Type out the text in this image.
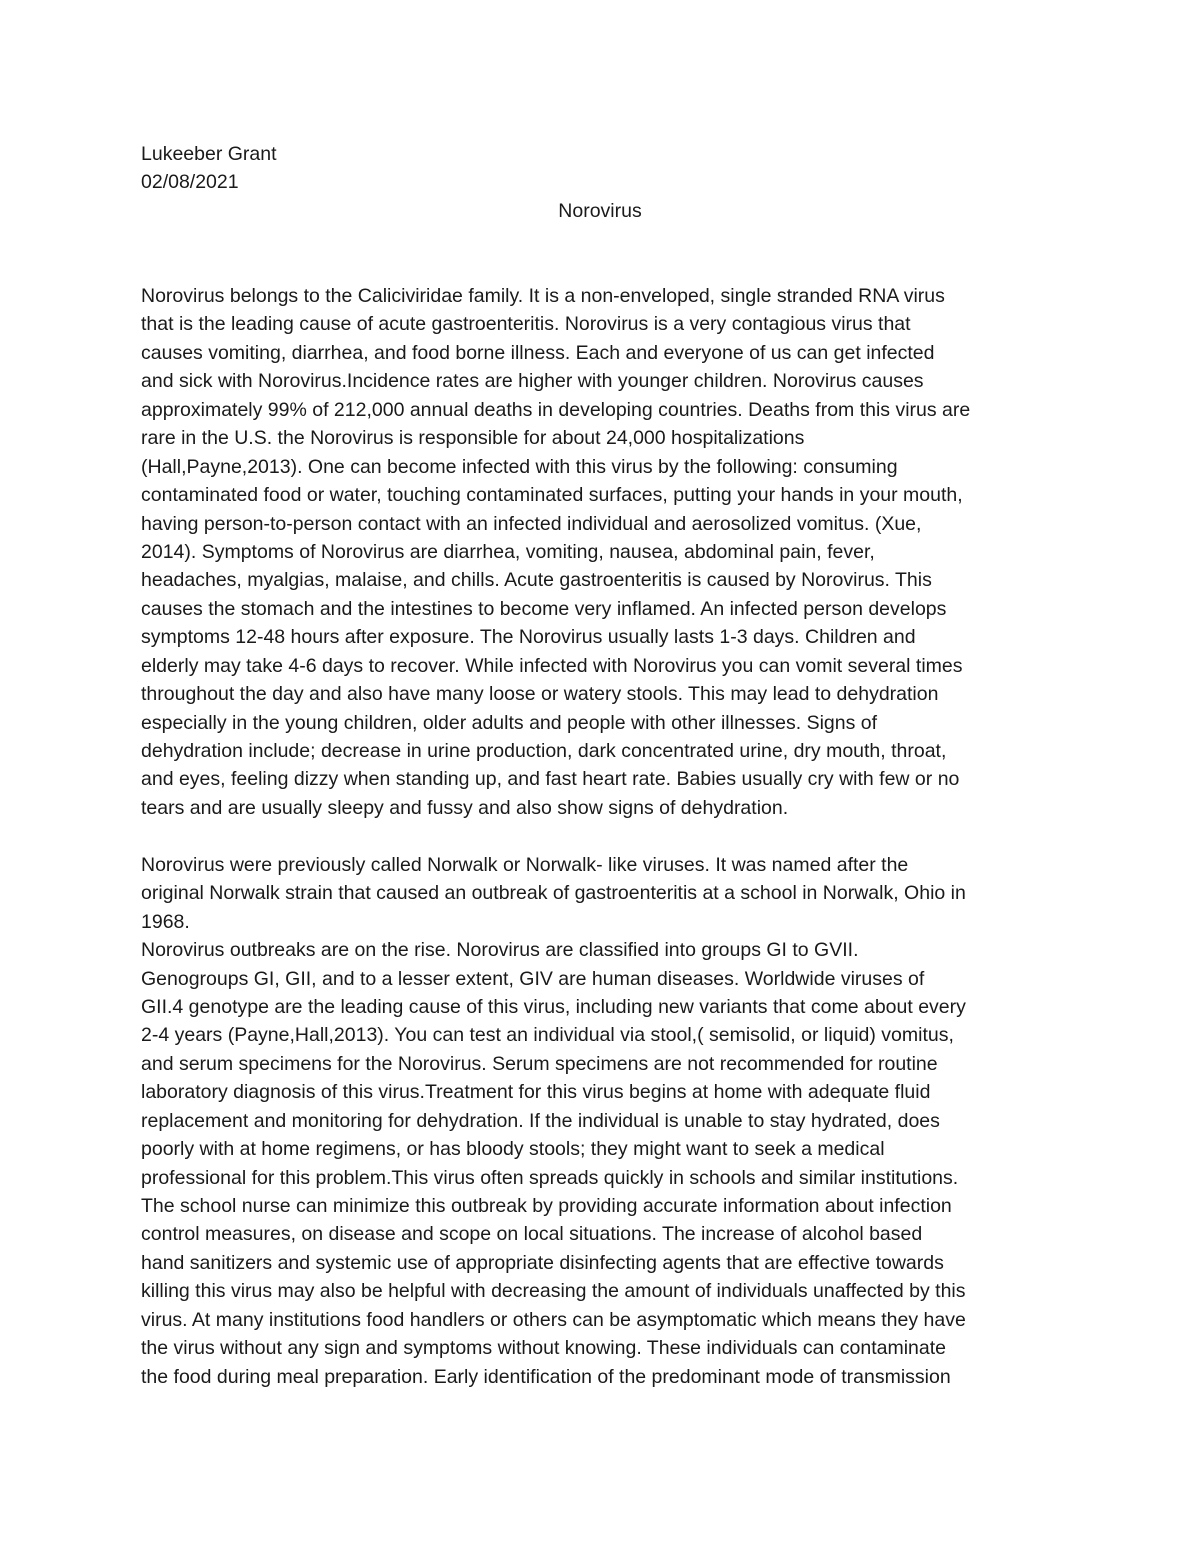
Lukeeber Grant

02/08/2021

Norovirus

Norovirus belongs to the Caliciviridae family. It is a non-enveloped, single stranded RNA virus
that is the leading cause of acute gastroenteritis. Norovirus is a very contagious virus that
causes vomiting, diarrhea, and food borne illness. Each and everyone of us can get infected
and sick with Norovirus.Incidence rates are higher with younger children. Norovirus causes
approximately 99% of 212,000 annual deaths in developing countries. Deaths from this virus are
rare in the U.S. the Norovirus is responsible for about 24,000 hospitalizations
(Hall,Payne,2013). One can become infected with this virus by the following: consuming
contaminated food or water, touching contaminated surfaces, putting your hands in your mouth,
having person-to-person contact with an infected individual and aerosolized vomitus. (Xue,
2014). Symptoms of Norovirus are diarrhea, vomiting, nausea, abdominal pain, fever,
headaches, myalgias, malaise, and chills. Acute gastroenteritis is caused by Norovirus. This
causes the stomach and the intestines to become very inflamed. An infected person develops
symptoms 12-48 hours after exposure. The Norovirus usually lasts 1-3 days. Children and
elderly may take 4-6 days to recover. While infected with Norovirus you can vomit several times
throughout the day and also have many loose or watery stools. This may lead to dehydration
especially in the young children, older adults and people with other illnesses. Signs of
dehydration include; decrease in urine production, dark concentrated urine, dry mouth, throat,
and eyes, feeling dizzy when standing up, and fast heart rate. Babies usually cry with few or no
tears and are usually sleepy and fussy and also show signs of dehydration.
Norovirus were previously called Norwalk or Norwalk- like viruses. It was named after the
original Norwalk strain that caused an outbreak of gastroenteritis at a school in Norwalk, Ohio in
1968.
Norovirus outbreaks are on the rise. Norovirus are classified into groups GI to GVII.
Genogroups GI, GII, and to a lesser extent, GIV are human diseases. Worldwide viruses of
GII.4 genotype are the leading cause of this virus, including new variants that come about every
2-4 years (Payne,Hall,2013). You can test an individual via stool,( semisolid, or liquid) vomitus,
and serum specimens for the Norovirus. Serum specimens are not recommended for routine
laboratory diagnosis of this virus.Treatment for this virus begins at home with adequate fluid
replacement and monitoring for dehydration. If the individual is unable to stay hydrated, does
poorly with at home regimens, or has bloody stools; they might want to seek a medical
professional for this problem.This virus often spreads quickly in schools and similar institutions.
The school nurse can minimize this outbreak by providing accurate information about infection
control measures, on disease and scope on local situations. The increase of alcohol based
hand sanitizers and systemic use of appropriate disinfecting agents that are effective towards
killing this virus may also be helpful with decreasing the amount of individuals unaffected by this
virus. At many institutions food handlers or others can be asymptomatic which means they have
the virus without any sign and symptoms without knowing. These individuals can contaminate
the food during meal preparation. Early identification of the predominant mode of transmission
